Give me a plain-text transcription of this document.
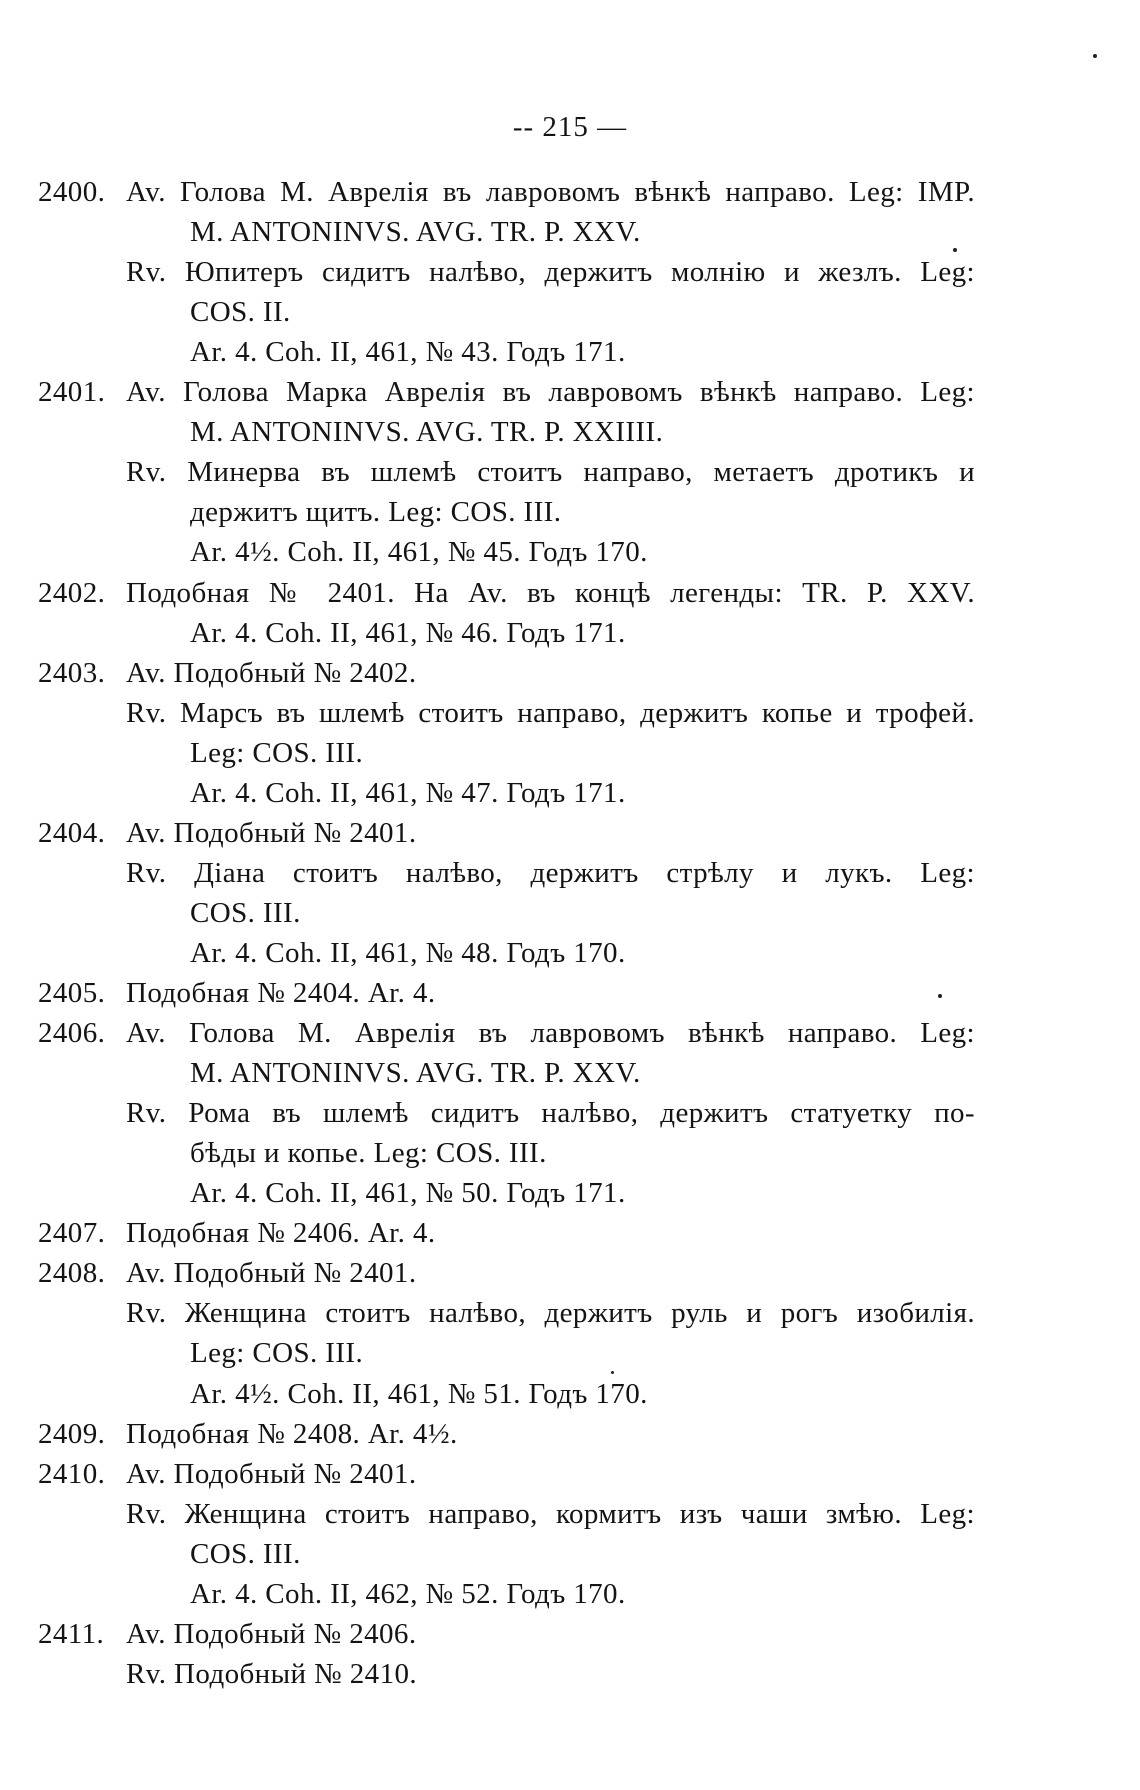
-- 215 —
2400. Av. Голова М. Аврелія въ лавровомъ вѣнкѣ направо. Leg: IMP.
M. ANTONINVS. AVG. TR. P. XXV.
Rv. Юпитеръ сидитъ налѣво, держитъ молнію и жезлъ. Leg:
COS. II.
Ar. 4. Coh. II, 461, № 43. Годъ 171.
2401. Av. Голова Марка Аврелія въ лавровомъ вѣнкѣ направо. Leg:
M. ANTONINVS. AVG. TR. P. XXIIII.
Rv. Минерва въ шлемѣ стоитъ направо, метаетъ дротикъ и
держитъ щитъ. Leg: COS. III.
Ar. 4½. Coh. II, 461, № 45. Годъ 170.
2402. Подобная № 2401. На Av. въ концѣ легенды: TR. P. XXV.
Ar. 4. Coh. II, 461, № 46. Годъ 171.
2403. Av. Подобный № 2402.
Rv. Марсъ въ шлемѣ стоитъ направо, держитъ копье и трофей.
Leg: COS. III.
Ar. 4. Coh. II, 461, № 47. Годъ 171.
2404. Av. Подобный № 2401.
Rv. Діана стоитъ налѣво, держитъ стрѣлу и лукъ. Leg:
COS. III.
Ar. 4. Coh. II, 461, № 48. Годъ 170.
2405. Подобная № 2404. Ar. 4.
2406. Av. Голова М. Аврелія въ лавровомъ вѣнкѣ направо. Leg:
M. ANTONINVS. AVG. TR. P. XXV.
Rv. Рома въ шлемѣ сидитъ налѣво, держитъ статуетку по-
бѣды и копье. Leg: COS. III.
Ar. 4. Coh. II, 461, № 50. Годъ 171.
2407. Подобная № 2406. Ar. 4.
2408. Av. Подобный № 2401.
Rv. Женщина стоитъ налѣво, держитъ руль и рогъ изобилія.
Leg: COS. III.
Ar. 4½. Coh. II, 461, № 51. Годъ 170.
2409. Подобная № 2408. Ar. 4½.
2410. Av. Подобный № 2401.
Rv. Женщина стоитъ направо, кормитъ изъ чаши змѣю. Leg:
COS. III.
Ar. 4. Coh. II, 462, № 52. Годъ 170.
2411. Av. Подобный № 2406.
Rv. Подобный № 2410.
